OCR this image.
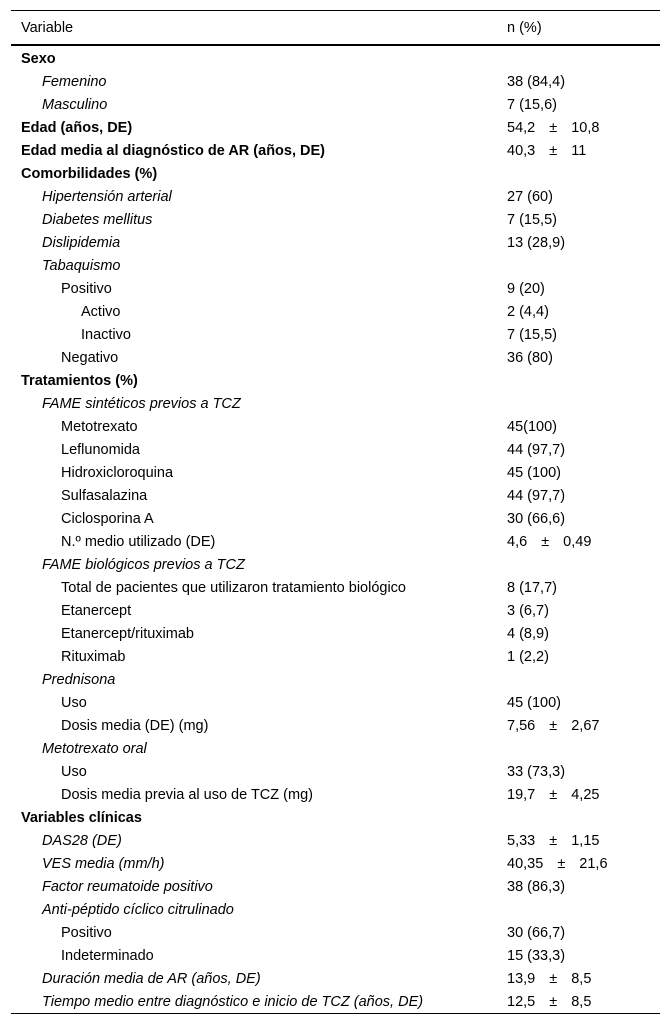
Variable	n (%)
Sexo
Femenino	38 (84,4)
Masculino	7 (15,6)
Edad (años, DE)	54,2 ± 10,8
Edad media al diagnóstico de AR (años, DE)	40,3 ± 11
Comorbilidades (%)
Hipertensión arterial	27 (60)
Diabetes mellitus	7 (15,5)
Dislipidemia	13 (28,9)
Tabaquismo
Positivo	9 (20)
Activo	2 (4,4)
Inactivo	7 (15,5)
Negativo	36 (80)
Tratamientos (%)
FAME sintéticos previos a TCZ
Metotrexato	45(100)
Leflunomida	44 (97,7)
Hidroxicloroquina	45 (100)
Sulfasalazina	44 (97,7)
Ciclosporina A	30 (66,6)
N.º medio utilizado (DE)	4,6 ± 0,49
FAME biológicos previos a TCZ
Total de pacientes que utilizaron tratamiento biológico	8 (17,7)
Etanercept	3 (6,7)
Etanercept/rituximab	4 (8,9)
Rituximab	1 (2,2)
Prednisona
Uso	45 (100)
Dosis media (DE) (mg)	7,56 ± 2,67
Metotrexato oral
Uso	33 (73,3)
Dosis media previa al uso de TCZ (mg)	19,7 ± 4,25
Variables clínicas
DAS28 (DE)	5,33 ± 1,15
VES media (mm/h)	40,35 ± 21,6
Factor reumatoide positivo	38 (86,3)
Anti-péptido cíclico citrulinado
Positivo	30 (66,7)
Indeterminado	15 (33,3)
Duración media de AR (años, DE)	13,9 ± 8,5
Tiempo medio entre diagnóstico e inicio de TCZ (años, DE)	12,5 ± 8,5
